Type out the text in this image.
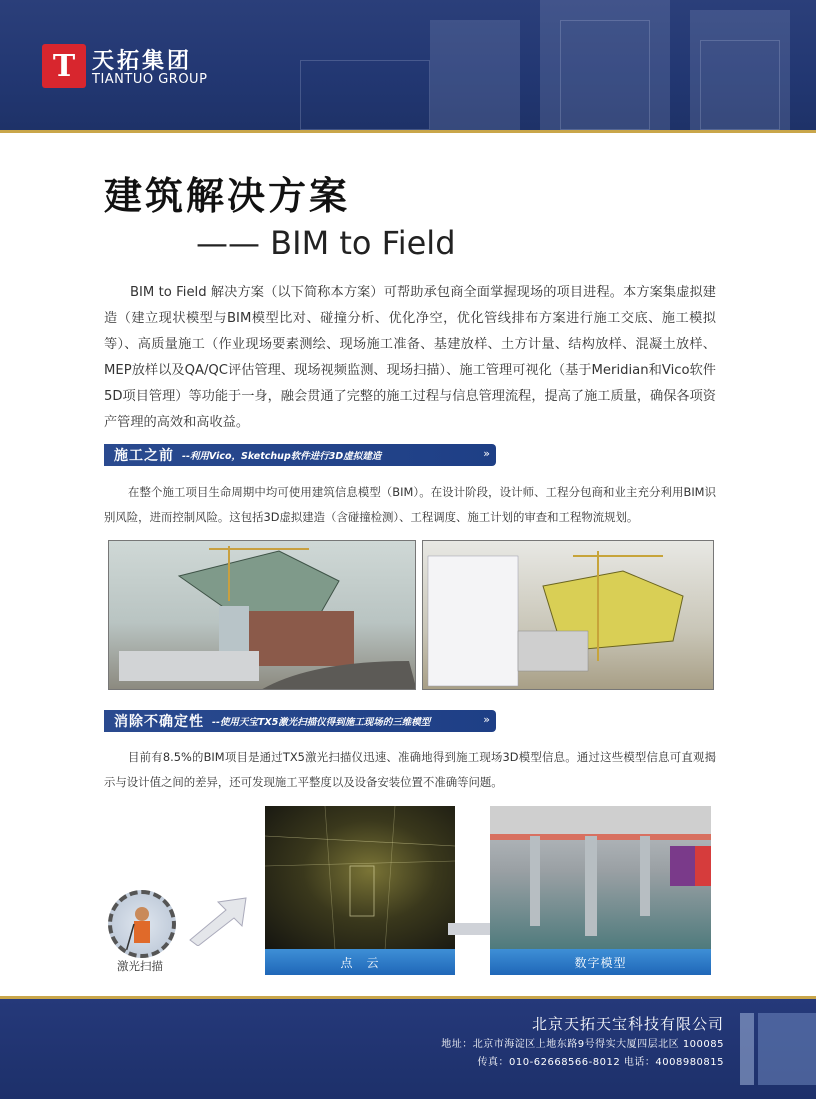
T 天拓集团
TIANTUO GROUP
建筑解决方案
—— BIM to Field
BIM to Field 解决方案（以下简称本方案）可帮助承包商全面掌握现场的项目进程。本方案集虚拟建造（建立现状模型与BIM模型比对、碰撞分析、优化净空，优化管线排布方案进行施工交底、施工模拟等）、高质量施工（作业现场要素测绘、现场施工准备、基建放样、土方计量、结构放样、混凝土放样、MEP放样以及QA/QC评估管理、现场视频监测、现场扫描）、施工管理可视化（基于Meridian和Vico软件5D项目管理）等功能于一身，融会贯通了完整的施工过程与信息管理流程，提高了施工质量，确保各项资产管理的高效和高收益。
施工之前 --利用Vico，Sketchup软件进行3D虚拟建造	»
在整个施工项目生命周期中均可使用建筑信息模型（BIM）。在设计阶段，设计师、工程分包商和业主充分利用BIM识别风险，进而控制风险。这包括3D虚拟建造（含碰撞检测）、工程调度、施工计划的审查和工程物流规划。
消除不确定性 --使用天宝TX5激光扫描仪得到施工现场的三维模型	»
目前有8.5%的BIM项目是通过TX5激光扫描仪迅速、准确地得到施工现场3D模型信息。通过这些模型信息可直观揭示与设计值之间的差异，还可发现施工平整度以及设备安装位置不准确等问题。
激光扫描	点　云	数字模型
北京天拓天宝科技有限公司
地址：北京市海淀区上地东路9号得实大厦四层北区 100085
传真：010-62668566-8012 电话：4008980815
